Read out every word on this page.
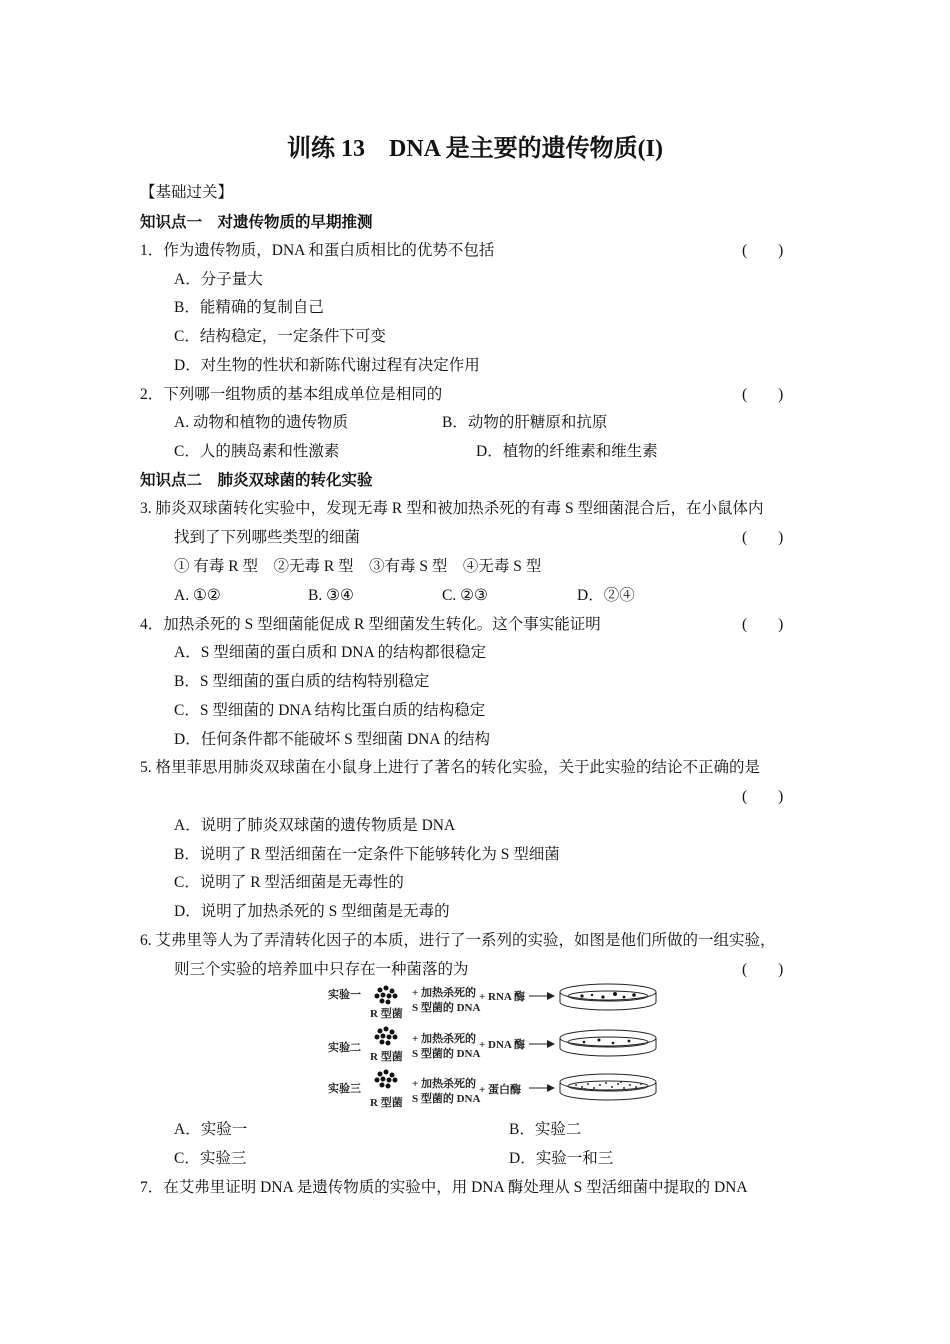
训练 13　DNA 是主要的遗传物质(I)
【基础过关】
知识点一　对遗传物质的早期推测
1．作为遗传物质，DNA 和蛋白质相比的优势不包括	(　　)
A．分子量大
B．能精确的复制自己
C．结构稳定，一定条件下可变
D．对生物的性状和新陈代谢过程有决定作用
2．下列哪一组物质的基本组成单位是相同的	(　　)
A. 动物和植物的遗传物质	B．动物的肝糖原和抗原
C．人的胰岛素和性激素	D．植物的纤维素和维生素
知识点二　肺炎双球菌的转化实验
3. 肺炎双球菌转化实验中，发现无毒 R 型和被加热杀死的有毒 S 型细菌混合后，在小鼠体内
找到了下列哪些类型的细菌	(　　)
① 有毒 R 型　②无毒 R 型　③有毒 S 型　④无毒 S 型
A. ①②	B. ③④	C. ②③	D．②④
4．加热杀死的 S 型细菌能促成 R 型细菌发生转化。这个事实能证明	(　　)
A．S 型细菌的蛋白质和 DNA 的结构都很稳定
B．S 型细菌的蛋白质的结构特别稳定
C．S 型细菌的 DNA 结构比蛋白质的结构稳定
D．任何条件都不能破坏 S 型细菌 DNA 的结构
5. 格里菲思用肺炎双球菌在小鼠身上进行了著名的转化实验，关于此实验的结论不正确的是
(　　)
A．说明了肺炎双球菌的遗传物质是 DNA
B．说明了 R 型活细菌在一定条件下能够转化为 S 型细菌
C．说明了 R 型活细菌是无毒性的
D．说明了加热杀死的 S 型细菌是无毒的
6. 艾弗里等人为了弄清转化因子的本质，进行了一系列的实验，如图是他们所做的一组实验，
则三个实验的培养皿中只存在一种菌落的为	(　　)
实验一
R 型菌
+ 加热杀死的
S 型菌的 DNA
+ RNA 酶
实验二
R 型菌
+ 加热杀死的
S 型菌的 DNA
+ DNA 酶
实验三
R 型菌
+ 加热杀死的
S 型菌的 DNA
+ 蛋白酶
A．实验一	B．实验二
C．实验三	D．实验一和三
7．在艾弗里证明 DNA 是遗传物质的实验中，用 DNA 酶处理从 S 型活细菌中提取的 DNA
